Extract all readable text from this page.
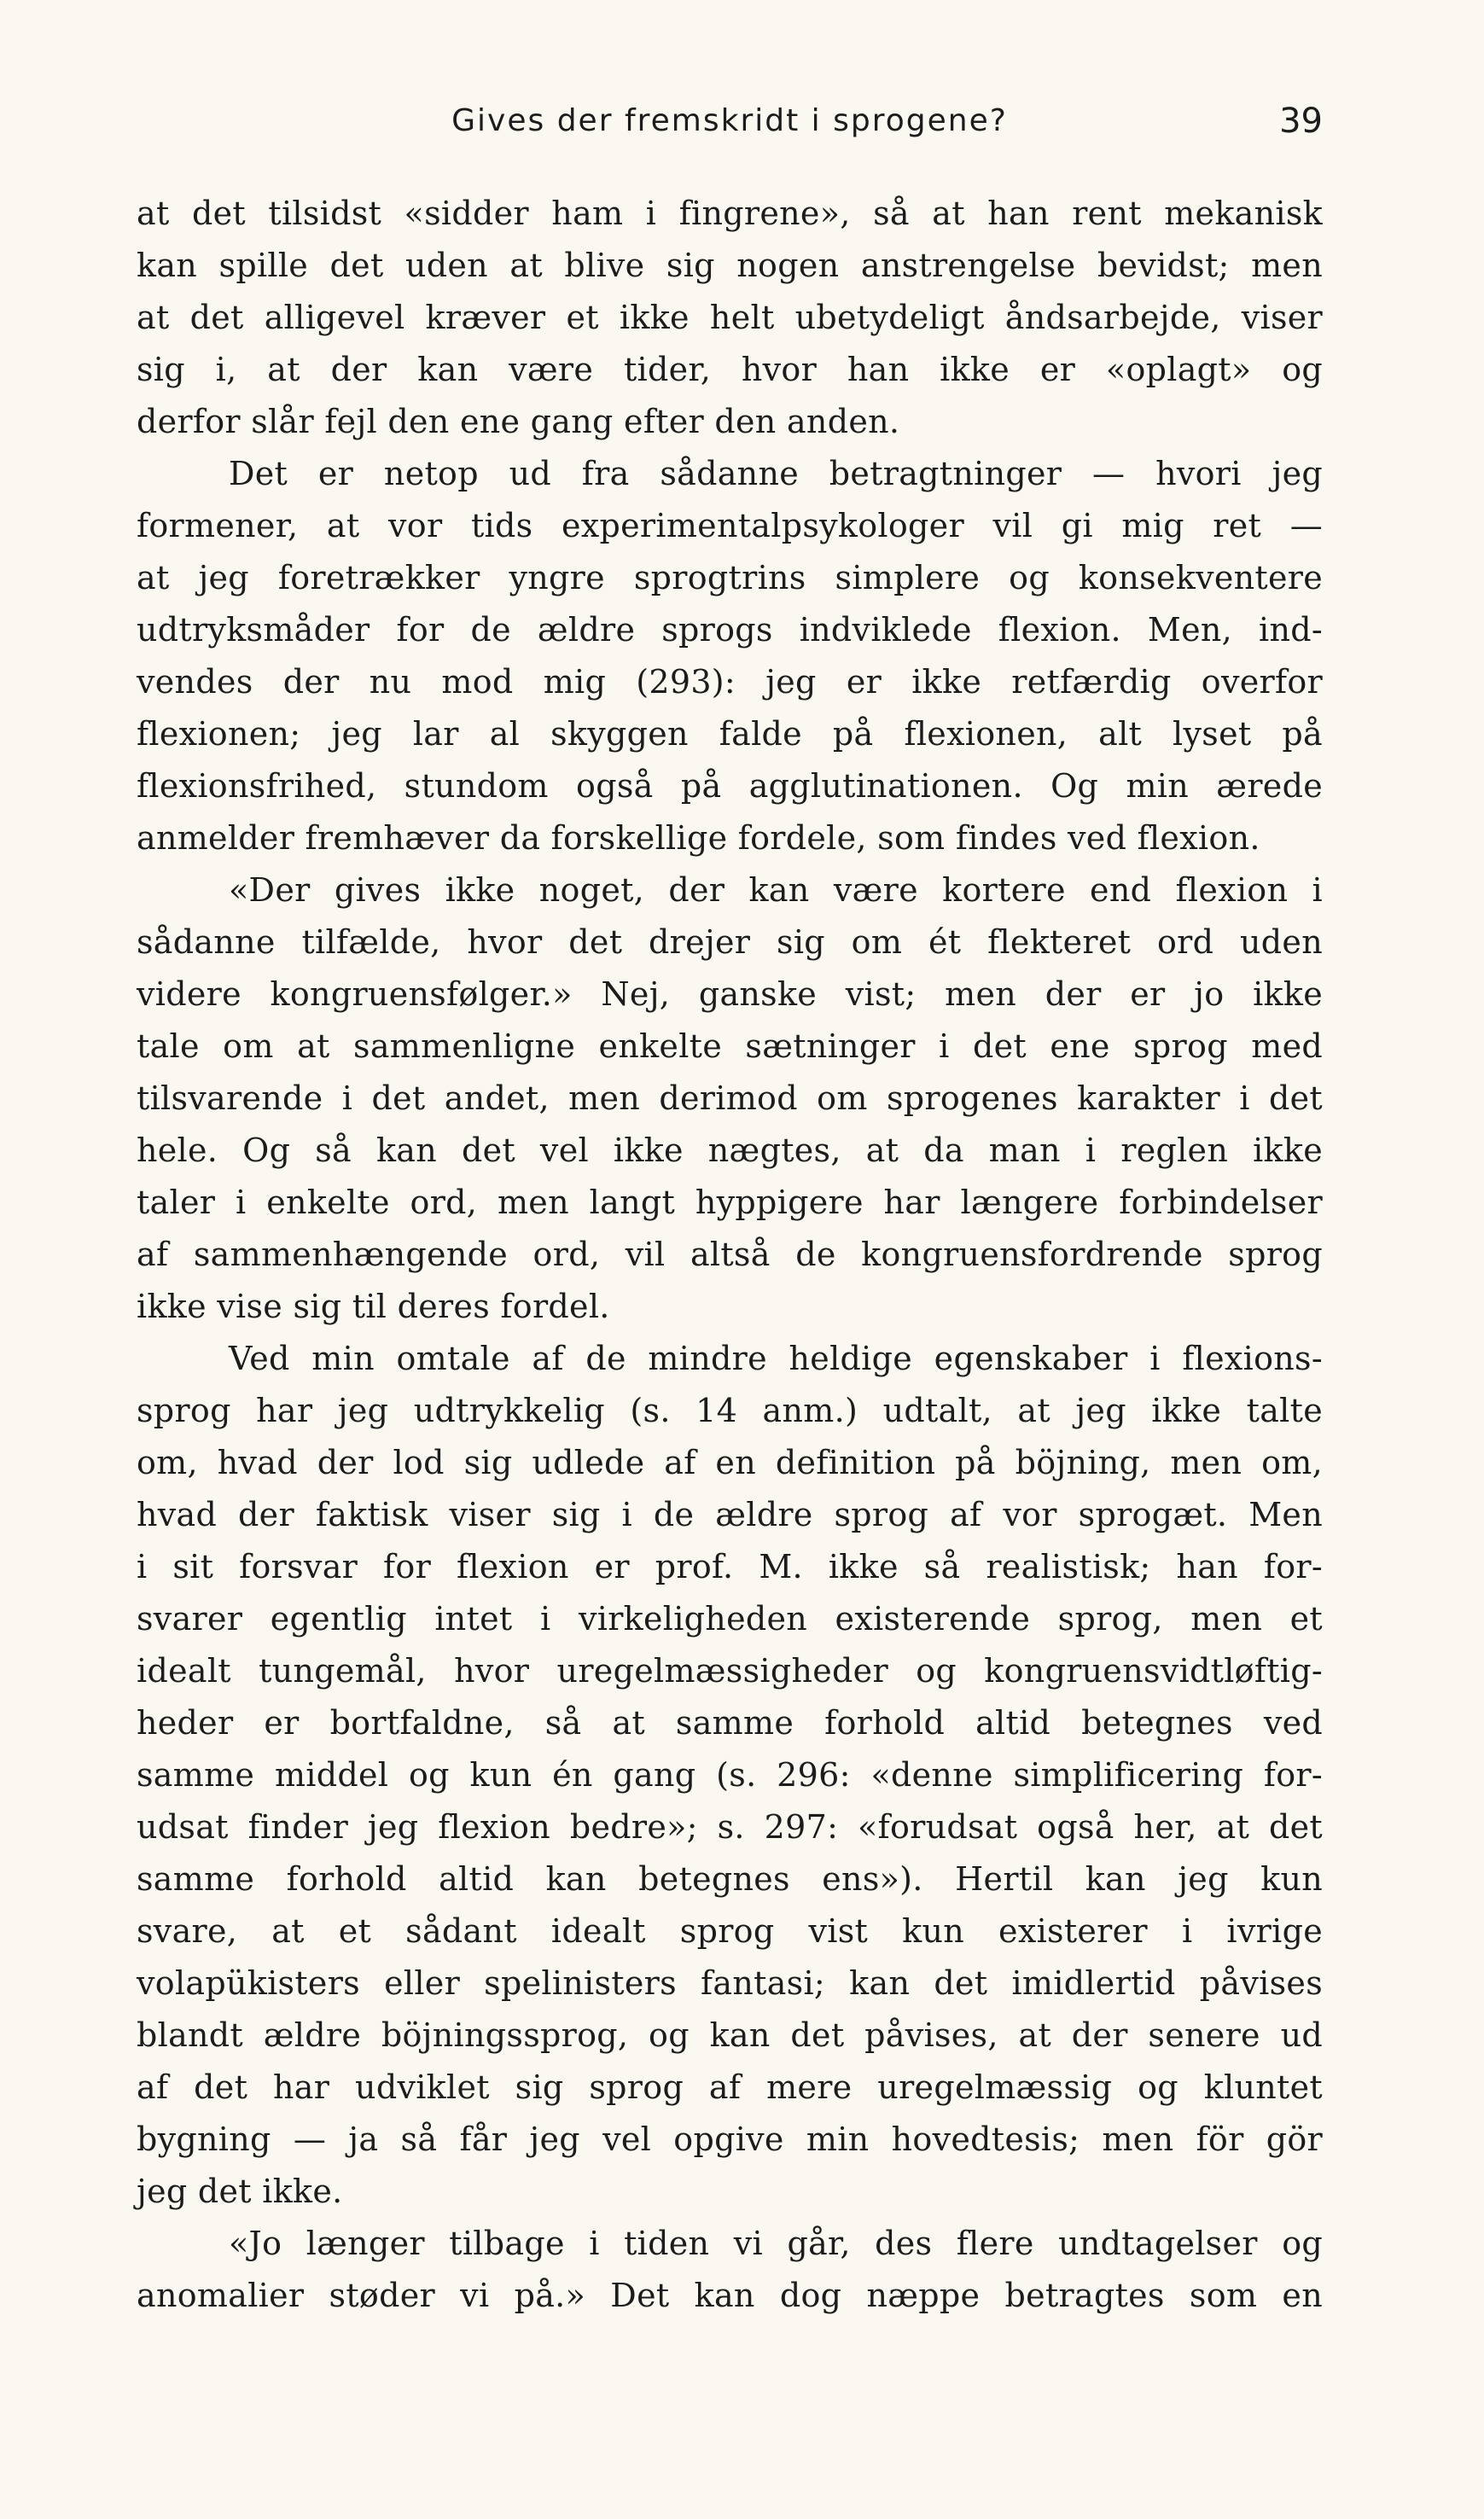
Gives der fremskridt i sprogene?	39
at det tilsidst «sidder ham i fingrene», så at han rent mekanisk
kan spille det uden at blive sig nogen anstrengelse bevidst; men
at det alligevel kræver et ikke helt ubetydeligt åndsarbejde, viser
sig i, at der kan være tider, hvor han ikke er «oplagt» og
derfor slår fejl den ene gang efter den anden.
Det er netop ud fra sådanne betragtninger — hvori jeg
formener, at vor tids experimentalpsykologer vil gi mig ret —
at jeg foretrækker yngre sprogtrins simplere og konsekventere
udtryksmåder for de ældre sprogs indviklede flexion. Men, ind-
vendes der nu mod mig (293): jeg er ikke retfærdig overfor
flexionen; jeg lar al skyggen falde på flexionen, alt lyset på
flexionsfrihed, stundom også på agglutinationen. Og min ærede
anmelder fremhæver da forskellige fordele, som findes ved flexion.
«Der gives ikke noget, der kan være kortere end flexion i
sådanne tilfælde, hvor det drejer sig om ét flekteret ord uden
videre kongruensfølger.» Nej, ganske vist; men der er jo ikke
tale om at sammenligne enkelte sætninger i det ene sprog med
tilsvarende i det andet, men derimod om sprogenes karakter i det
hele. Og så kan det vel ikke nægtes, at da man i reglen ikke
taler i enkelte ord, men langt hyppigere har længere forbindelser
af sammenhængende ord, vil altså de kongruensfordrende sprog
ikke vise sig til deres fordel.
Ved min omtale af de mindre heldige egenskaber i flexions-
sprog har jeg udtrykkelig (s. 14 anm.) udtalt, at jeg ikke talte
om, hvad der lod sig udlede af en definition på böjning, men om,
hvad der faktisk viser sig i de ældre sprog af vor sprogæt. Men
i sit forsvar for flexion er prof. M. ikke så realistisk; han for-
svarer egentlig intet i virkeligheden existerende sprog, men et
idealt tungemål, hvor uregelmæssigheder og kongruensvidtløftig-
heder er bortfaldne, så at samme forhold altid betegnes ved
samme middel og kun én gang (s. 296: «denne simplificering for-
udsat finder jeg flexion bedre»; s. 297: «forudsat også her, at det
samme forhold altid kan betegnes ens»). Hertil kan jeg kun
svare, at et sådant idealt sprog vist kun existerer i ivrige
volapükisters eller spelinisters fantasi; kan det imidlertid påvises
blandt ældre böjningssprog, og kan det påvises, at der senere ud
af det har udviklet sig sprog af mere uregelmæssig og kluntet
bygning — ja så får jeg vel opgive min hovedtesis; men för gör
jeg det ikke.
«Jo længer tilbage i tiden vi går, des flere undtagelser og
anomalier støder vi på.» Det kan dog næppe betragtes som en
